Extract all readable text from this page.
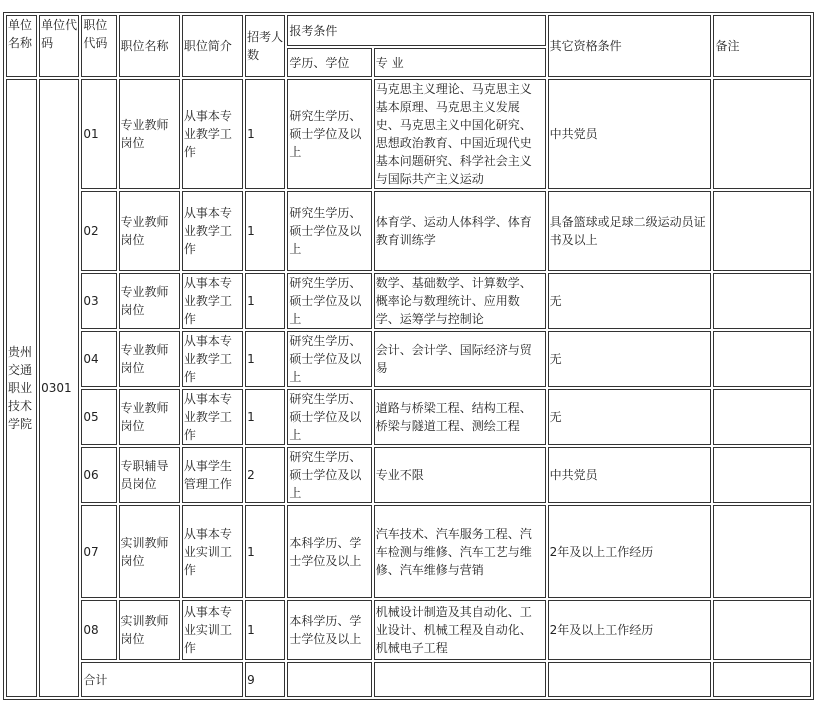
单位名称	单位代码	职位代码	职位名称	职位简介	招考人数	报考条件		其它资格条件	备注
						学历、学位	专 业		
贵州交通职业技术学院	0301	01	专业教师岗位	从事本专业教学工作	1	研究生学历、硕士学位及以上	马克思主义理论、马克思主义基本原理、马克思主义发展史、马克思主义中国化研究、思想政治教育、中国近现代史基本问题研究、科学社会主义与国际共产主义运动	中共党员	
		02	专业教师岗位	从事本专业教学工作	1	研究生学历、硕士学位及以上	体育学、运动人体科学、体育教育训练学	具备篮球或足球二级运动员证书及以上	
		03	专业教师岗位	从事本专业教学工作	1	研究生学历、硕士学位及以上	数学、基础数学、计算数学、概率论与数理统计、应用数学、运筹学与控制论	无	
		04	专业教师岗位	从事本专业教学工作	1	研究生学历、硕士学位及以上	会计、会计学、国际经济与贸易	无	
		05	专业教师岗位	从事本专业教学工作	1	研究生学历、硕士学位及以上	道路与桥梁工程、结构工程、桥梁与隧道工程、测绘工程	无	
		06	专职辅导员岗位	从事学生管理工作	2	研究生学历、硕士学位及以上	专业不限	中共党员	
		07	实训教师岗位	从事本专业实训工作	1	本科学历、学士学位及以上	汽车技术、汽车服务工程、汽车检测与维修、汽车工艺与维修、汽车维修与营销	2年及以上工作经历	
		08	实训教师岗位	从事本专业实训工作	1	本科学历、学士学位及以上	机械设计制造及其自动化、工业设计、机械工程及自动化、机械电子工程	2年及以上工作经历	
		合计			9				
